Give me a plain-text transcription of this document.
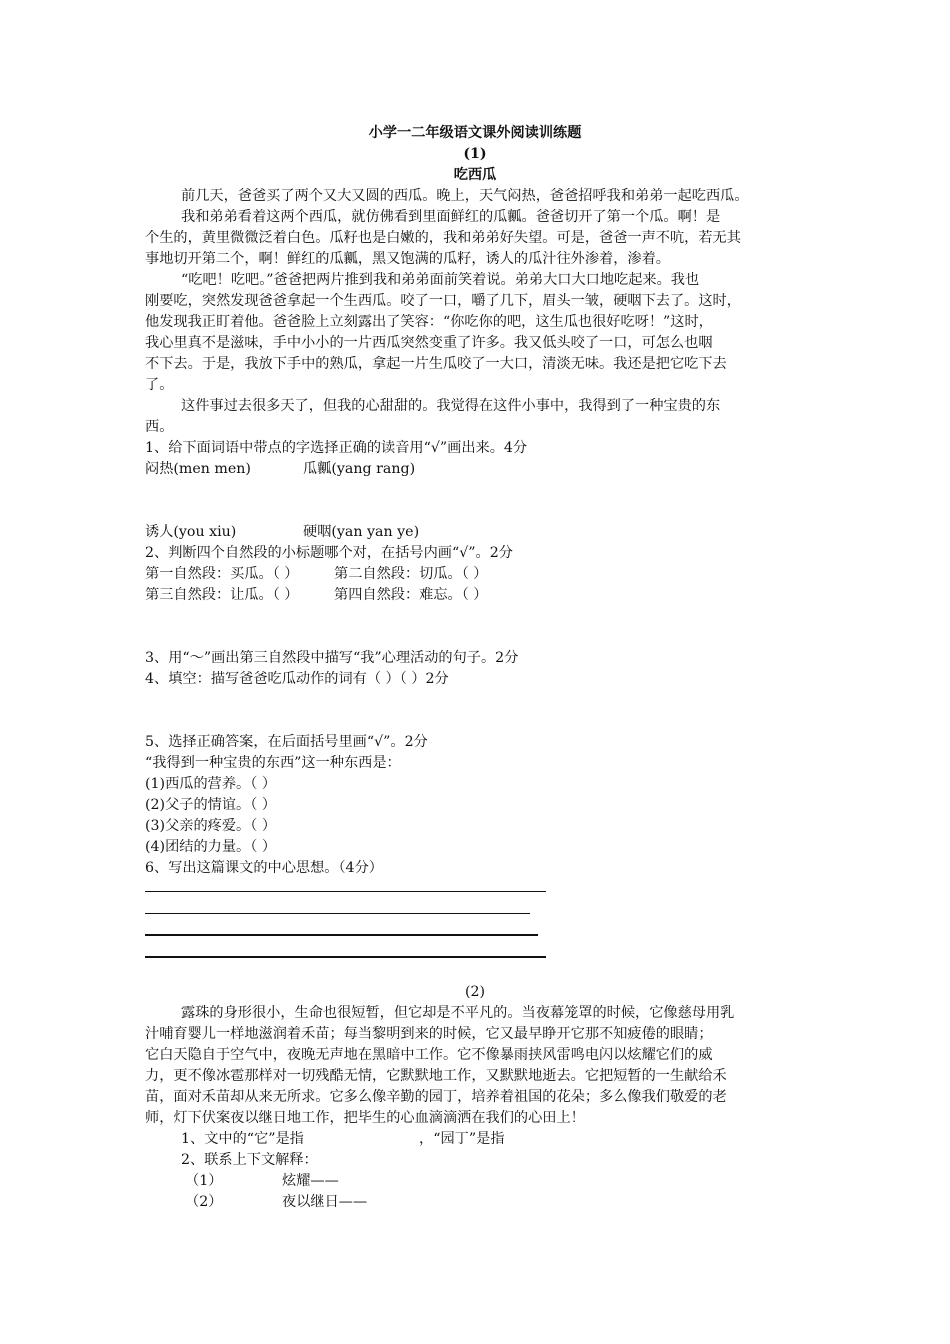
小学一二年级语文课外阅读训练题
(1)
吃西瓜
前几天，爸爸买了两个又大又圆的西瓜。晚上，天气闷热，爸爸招呼我和弟弟一起吃西瓜。
我和弟弟看着这两个西瓜，就仿佛看到里面鲜红的瓜瓤。爸爸切开了第一个瓜。啊！是
个生的，黄里微微泛着白色。瓜籽也是白嫩的，我和弟弟好失望。可是，爸爸一声不吭，若无其
事地切开第二个，啊！鲜红的瓜瓤，黑又饱满的瓜籽，诱人的瓜汁往外渗着，渗着。
“吃吧！吃吧。”爸爸把两片推到我和弟弟面前笑着说。弟弟大口大口地吃起来。我也
刚要吃，突然发现爸爸拿起一个生西瓜。咬了一口，嚼了几下，眉头一皱，硬咽下去了。这时，
他发现我正盯着他。爸爸脸上立刻露出了笑容：“你吃你的吧，这生瓜也很好吃呀！”这时，
我心里真不是滋味，手中小小的一片西瓜突然变重了许多。我又低头咬了一口，可怎么也咽
不下去。于是，我放下手中的熟瓜，拿起一片生瓜咬了一大口，清淡无味。我还是把它吃下去
了。
这件事过去很多天了，但我的心甜甜的。我觉得在这件小事中，我得到了一种宝贵的东
西。
1、给下面词语中带点的字选择正确的读音用“√”画出来。4分
闷热(men men)	瓜瓤(yang rang)
诱人(you xiu)	硬咽(yan yan ye)
2、判断四个自然段的小标题哪个对，在括号内画“√”。2分
第一自然段：买瓜。（ ）	第二自然段：切瓜。（ ）
第三自然段：让瓜。（ ）	第四自然段：难忘。（ ）
3、用“～”画出第三自然段中描写“我”心理活动的句子。2分
4、填空：描写爸爸吃瓜动作的词有（ ）（ ）2分
5、选择正确答案，在后面括号里画“√”。2分
“我得到一种宝贵的东西”这一种东西是：
(1)西瓜的营养。（ ）
(2)父子的情谊。（ ）
(3)父亲的疼爱。（ ）
(4)团结的力量。（ ）
6、写出这篇课文的中心思想。（4分）
(2)
露珠的身形很小，生命也很短暂，但它却是不平凡的。当夜幕笼罩的时候，它像慈母用乳
汁哺育婴儿一样地滋润着禾苗；每当黎明到来的时候，它又最早睁开它那不知疲倦的眼睛；
它白天隐自于空气中，夜晚无声地在黑暗中工作。它不像暴雨挟风雷鸣电闪以炫耀它们的威
力，更不像冰雹那样对一切残酷无情，它默默地工作，又默默地逝去。它把短暂的一生献给禾
苗，面对禾苗却从来无所求。它多么像辛勤的园丁，培养着祖国的花朵；多么像我们敬爱的老
师，灯下伏案夜以继日地工作，把毕生的心血滴滴洒在我们的心田上！
1、文中的“它”是指	，“园丁”是指
2、联系上下文解释：
（1）	炫耀——
（2）	夜以继日——
